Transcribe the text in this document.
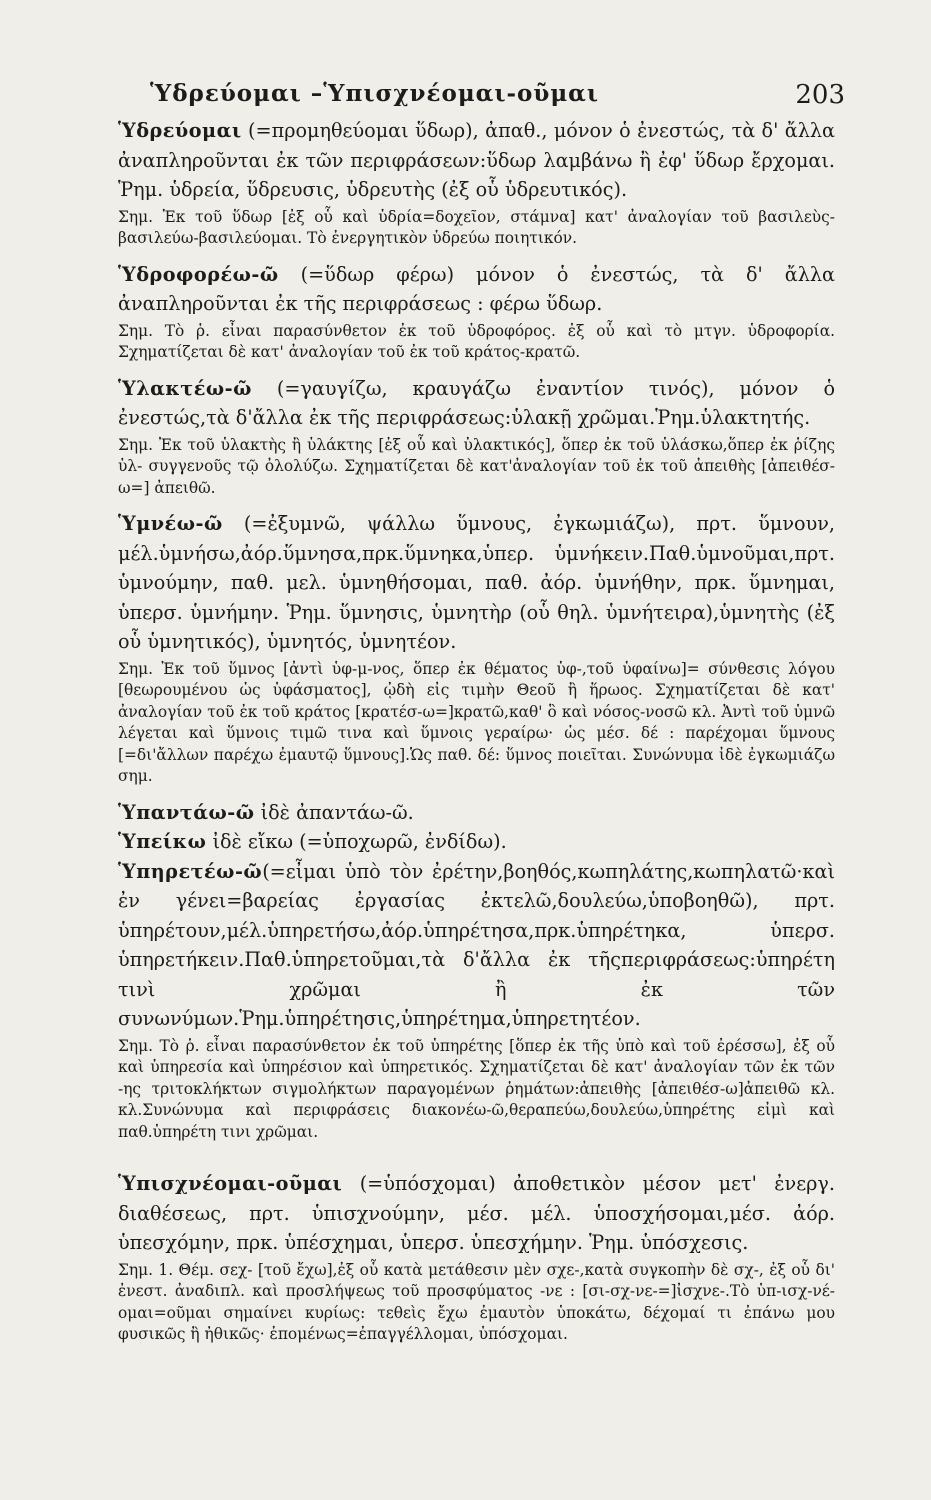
Ὑδρεύομαι –Ὑπισχνέομαι-οῦμαι	203

Ὑδρεύομαι (=προμηθεύομαι ὕδωρ), ἀπαθ., μόνον ὁ ἐνεστώς, τὰ δ' ἄλλα ἀναπληροῦνται ἐκ τῶν περιφράσεων:ὕδωρ λαμβάνω ἢ ἐφ' ὕδωρ ἔρχομαι. Ῥημ. ὑδρεία, ὕδρευσις, ὑδρευτὴς (ἐξ οὗ ὑδρευτικός).

Σημ. Ἐκ τοῦ ὕδωρ [ἐξ οὗ καὶ ὑδρία=δοχεῖον, στάμνα] κατ' ἀναλογίαν τοῦ βασιλεὺς-βασιλεύω-βασιλεύομαι. Τὸ ἐνεργητικὸν ὑδρεύω ποιητικόν.

Ὑδροφορέω-ῶ (=ὕδωρ φέρω) μόνον ὁ ἐνεστώς, τὰ δ' ἄλλα ἀναπληροῦνται ἐκ τῆς περιφράσεως : φέρω ὕδωρ.

Σημ. Τὸ ῥ. εἶναι παρασύνθετον ἐκ τοῦ ὑδροφόρος. ἐξ οὗ καὶ τὸ μτγν. ὑδροφορία. Σχηματίζεται δὲ κατ' ἀναλογίαν τοῦ ἐκ τοῦ κράτος-κρατῶ.

Ὑλακτέω-ῶ (=γαυγίζω, κραυγάζω ἐναντίον τινός), μόνον ὁ ἐνεστώς,τὰ δ'ἄλλα ἐκ τῆς περιφράσεως:ὑλακῇ χρῶμαι.Ῥημ.ὑλακτητής.

Σημ. Ἐκ τοῦ ὑλακτὴς ἢ ὑλάκτης [ἐξ οὗ καὶ ὑλακτικός], ὅπερ ἐκ τοῦ ὑλάσκω,ὅπερ ἐκ ῥίζης ὑλ- συγγενοῦς τῷ ὀλολύζω. Σχηματίζεται δὲ κατ'ἀναλογίαν τοῦ ἐκ τοῦ ἀπειθὴς [ἀπειθέσ-ω=] ἀπειθῶ.

Ὑμνέω-ῶ (=ἐξυμνῶ, ψάλλω ὕμνους, ἐγκωμιάζω), πρτ. ὕμνουν, μέλ.ὑμνήσω,ἀόρ.ὕμνησα,πρκ.ὕμνηκα,ὑπερ. ὑμνήκειν.Παθ.ὑμνοῦμαι,πρτ. ὑμνούμην, παθ. μελ. ὑμνηθήσομαι, παθ. ἀόρ. ὑμνήθην, πρκ. ὕμνημαι, ὑπερσ. ὑμνήμην. Ῥημ. ὕμνησις, ὑμνητὴρ (οὗ θηλ. ὑμνήτειρα),ὑμνητὴς (ἐξ οὗ ὑμνητικός), ὑμνητός, ὑμνητέον.

Σημ. Ἐκ τοῦ ὕμνος [ἀντὶ ὑφ-μ-νος, ὅπερ ἐκ θέματος ὑφ-,τοῦ ὑφαίνω]= σύνθεσις λόγου [θεωρουμένου ὡς ὑφάσματος], ᾠδὴ εἰς τιμὴν Θεοῦ ἢ ἥρωος. Σχηματίζεται δὲ κατ' ἀναλογίαν τοῦ ἐκ τοῦ κράτος [κρατέσ-ω=]κρατῶ,καθ' ὃ καὶ νόσος-νοσῶ κλ. Ἀντὶ τοῦ ὑμνῶ λέγεται καὶ ὕμνοις τιμῶ τινα καὶ ὕμνοις γεραίρω· ὡς μέσ. δέ : παρέχομαι ὕμνους [=δι'ἄλλων παρέχω ἐμαυτῷ ὕμνους].Ὡς παθ. δέ: ὕμνος ποιεῖται. Συνώνυμα ἰδὲ ἐγκωμιάζω σημ.

Ὑπαντάω-ῶ ἰδὲ ἀπαντάω-ῶ.

Ὑπείκω ἰδὲ εἴκω (=ὑποχωρῶ, ἐνδίδω).

Ὑπηρετέω-ῶ(=εἶμαι ὑπὸ τὸν ἐρέτην,βοηθός,κωπηλάτης,κωπηλατῶ·καὶ ἐν γένει=βαρείας ἐργασίας ἐκτελῶ,δουλεύω,ὑποβοηθῶ), πρτ. ὑπηρέτουν,μέλ.ὑπηρετήσω,ἀόρ.ὑπηρέτησα,πρκ.ὑπηρέτηκα, ὑπερσ. ὑπηρετήκειν.Παθ.ὑπηρετοῦμαι,τὰ δ'ἄλλα ἐκ τῆςπεριφράσεως:ὑπηρέτη τινὶ χρῶμαι ἢ ἐκ τῶν συνωνύμων.Ῥημ.ὑπηρέτησις,ὑπηρέτημα,ὑπηρετητέον.

Σημ. Τὸ ῥ. εἶναι παρασύνθετον ἐκ τοῦ ὑπηρέτης [ὅπερ ἐκ τῆς ὑπὸ καὶ τοῦ ἐρέσσω], ἐξ οὗ καὶ ὑπηρεσία καὶ ὑπηρέσιον καὶ ὑπηρετικός. Σχηματίζεται δὲ κατ' ἀναλογίαν τῶν ἐκ τῶν -ης τριτοκλήκτων σιγμολήκτων παραγομένων ῥημάτων:ἀπειθὴς [ἀπειθέσ-ω]ἀπειθῶ κλ. κλ.Συνώνυμα καὶ περιφράσεις διακονέω-ῶ,θεραπεύω,δουλεύω,ὑπηρέτης εἰμὶ καὶ παθ.ὑπηρέτη τινι χρῶμαι.

Ὑπισχνέομαι-οῦμαι (=ὑπόσχομαι) ἀποθετικὸν μέσον μετ' ἐνεργ. διαθέσεως, πρτ. ὑπισχνούμην, μέσ. μέλ. ὑποσχήσομαι,μέσ. ἀόρ. ὑπεσχόμην, πρκ. ὑπέσχημαι, ὑπερσ. ὑπεσχήμην. Ῥημ. ὑπόσχεσις.

Σημ. 1. Θέμ. σεχ- [τοῦ ἔχω],ἐξ οὗ κατὰ μετάθεσιν μὲν σχε-,κατὰ συγκοπὴν δὲ σχ-, ἐξ οὗ δι' ἐνεστ. ἀναδιπλ. καὶ προσλήψεως τοῦ προσφύματος -νε : [σι-σχ-νε-=]ἰσχνε-.Τὸ ὑπ-ισχ-νέ-ομαι=οῦμαι σημαίνει κυρίως: τεθεὶς ἔχω ἐμαυτὸν ὑποκάτω, δέχομαί τι ἐπάνω μου φυσικῶς ἢ ἠθικῶς· ἐπομένως=ἐπαγγέλλομαι, ὑπόσχομαι.
